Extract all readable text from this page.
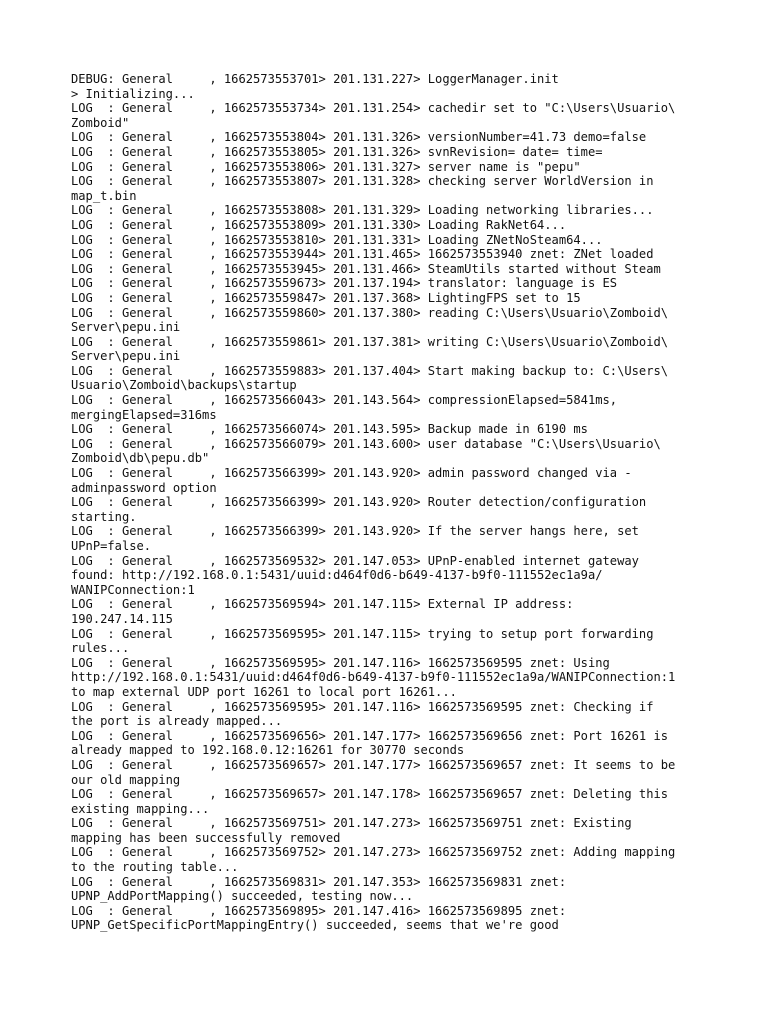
DEBUG: General     , 1662573553701> 201.131.227> LoggerManager.init
> Initializing...
LOG  : General     , 1662573553734> 201.131.254> cachedir set to "C:\Users\Usuario\
Zomboid"
LOG  : General     , 1662573553804> 201.131.326> versionNumber=41.73 demo=false
LOG  : General     , 1662573553805> 201.131.326> svnRevision= date= time=
LOG  : General     , 1662573553806> 201.131.327> server name is "pepu"
LOG  : General     , 1662573553807> 201.131.328> checking server WorldVersion in
map_t.bin
LOG  : General     , 1662573553808> 201.131.329> Loading networking libraries...
LOG  : General     , 1662573553809> 201.131.330> Loading RakNet64...
LOG  : General     , 1662573553810> 201.131.331> Loading ZNetNoSteam64...
LOG  : General     , 1662573553944> 201.131.465> 1662573553940 znet: ZNet loaded
LOG  : General     , 1662573553945> 201.131.466> SteamUtils started without Steam
LOG  : General     , 1662573559673> 201.137.194> translator: language is ES
LOG  : General     , 1662573559847> 201.137.368> LightingFPS set to 15
LOG  : General     , 1662573559860> 201.137.380> reading C:\Users\Usuario\Zomboid\
Server\pepu.ini
LOG  : General     , 1662573559861> 201.137.381> writing C:\Users\Usuario\Zomboid\
Server\pepu.ini
LOG  : General     , 1662573559883> 201.137.404> Start making backup to: C:\Users\
Usuario\Zomboid\backups\startup
LOG  : General     , 1662573566043> 201.143.564> compressionElapsed=5841ms,
mergingElapsed=316ms
LOG  : General     , 1662573566074> 201.143.595> Backup made in 6190 ms
LOG  : General     , 1662573566079> 201.143.600> user database "C:\Users\Usuario\
Zomboid\db\pepu.db"
LOG  : General     , 1662573566399> 201.143.920> admin password changed via -
adminpassword option
LOG  : General     , 1662573566399> 201.143.920> Router detection/configuration
starting.
LOG  : General     , 1662573566399> 201.143.920> If the server hangs here, set
UPnP=false.
LOG  : General     , 1662573569532> 201.147.053> UPnP-enabled internet gateway
found: http://192.168.0.1:5431/uuid:d464f0d6-b649-4137-b9f0-111552ec1a9a/
WANIPConnection:1
LOG  : General     , 1662573569594> 201.147.115> External IP address:
190.247.14.115
LOG  : General     , 1662573569595> 201.147.115> trying to setup port forwarding
rules...
LOG  : General     , 1662573569595> 201.147.116> 1662573569595 znet: Using
http://192.168.0.1:5431/uuid:d464f0d6-b649-4137-b9f0-111552ec1a9a/WANIPConnection:1
to map external UDP port 16261 to local port 16261...
LOG  : General     , 1662573569595> 201.147.116> 1662573569595 znet: Checking if
the port is already mapped...
LOG  : General     , 1662573569656> 201.147.177> 1662573569656 znet: Port 16261 is
already mapped to 192.168.0.12:16261 for 30770 seconds
LOG  : General     , 1662573569657> 201.147.177> 1662573569657 znet: It seems to be
our old mapping
LOG  : General     , 1662573569657> 201.147.178> 1662573569657 znet: Deleting this
existing mapping...
LOG  : General     , 1662573569751> 201.147.273> 1662573569751 znet: Existing
mapping has been successfully removed
LOG  : General     , 1662573569752> 201.147.273> 1662573569752 znet: Adding mapping
to the routing table...
LOG  : General     , 1662573569831> 201.147.353> 1662573569831 znet:
UPNP_AddPortMapping() succeeded, testing now...
LOG  : General     , 1662573569895> 201.147.416> 1662573569895 znet:
UPNP_GetSpecificPortMappingEntry() succeeded, seems that we're good
